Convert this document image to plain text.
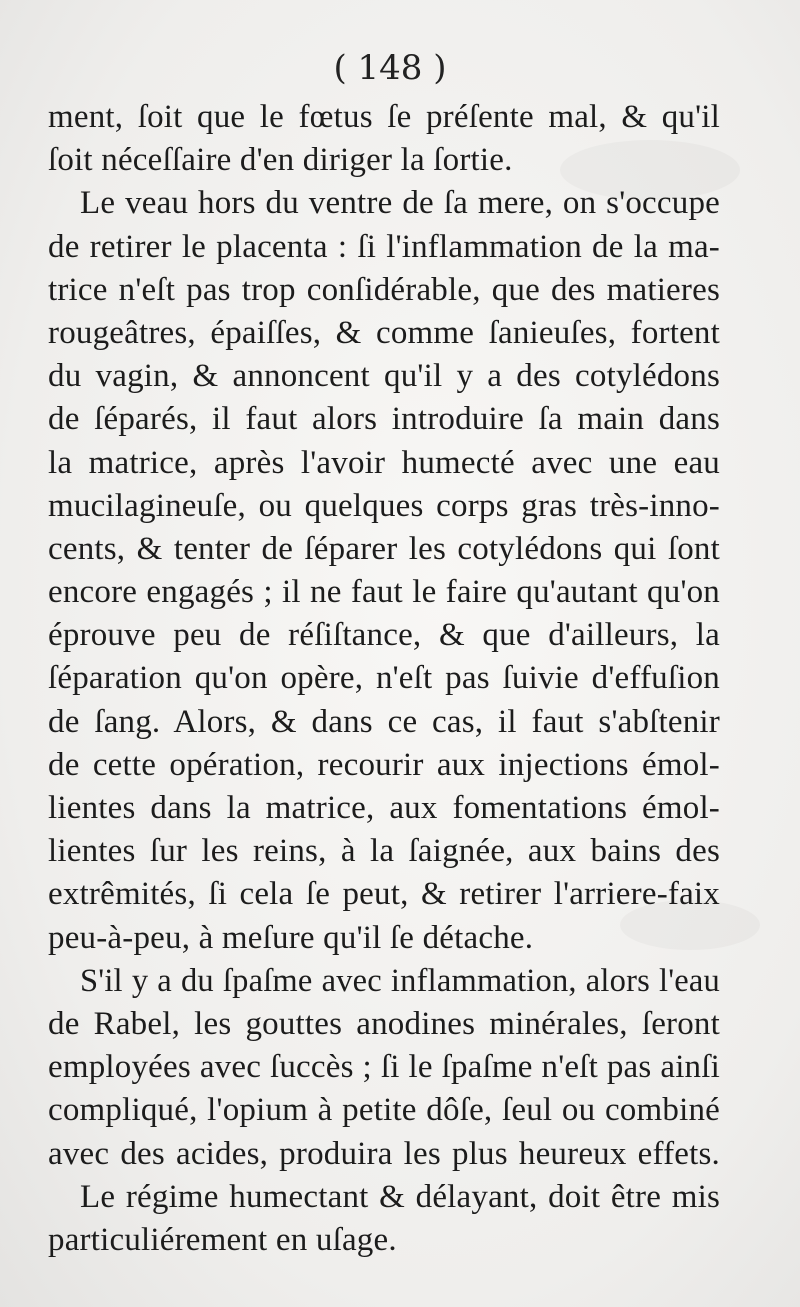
( 148 )

ment, ſoit que le fœtus ſe préſente mal, & qu'il
ſoit néceſſaire d'en diriger la ſortie.
Le veau hors du ventre de ſa mere, on s'occupe
de retirer le placenta : ſi l'inflammation de la ma-
trice n'eſt pas trop conſidérable, que des matieres
rougeâtres, épaiſſes, & comme ſanieuſes, fortent
du vagin, & annoncent qu'il y a des cotylédons
de ſéparés, il faut alors introduire ſa main dans
la matrice, après l'avoir humecté avec une eau
mucilagineuſe, ou quelques corps gras très-inno-
cents, & tenter de ſéparer les cotylédons qui ſont
encore engagés ; il ne faut le faire qu'autant qu'on
éprouve peu de réſiſtance, & que d'ailleurs, la
ſéparation qu'on opère, n'eſt pas ſuivie d'effuſion
de ſang. Alors, & dans ce cas, il faut s'abſtenir
de cette opération, recourir aux injections émol-
lientes dans la matrice, aux fomentations émol-
lientes ſur les reins, à la ſaignée, aux bains des
extrêmités, ſi cela ſe peut, & retirer l'arriere-faix
peu-à-peu, à meſure qu'il ſe détache.
S'il y a du ſpaſme avec inflammation, alors l'eau
de Rabel, les gouttes anodines minérales, ſeront
employées avec ſuccès ; ſi le ſpaſme n'eſt pas ainſi
compliqué, l'opium à petite dôſe, ſeul ou combiné
avec des acides, produira les plus heureux effets.
Le régime humectant & délayant, doit être mis
particuliérement en uſage.
